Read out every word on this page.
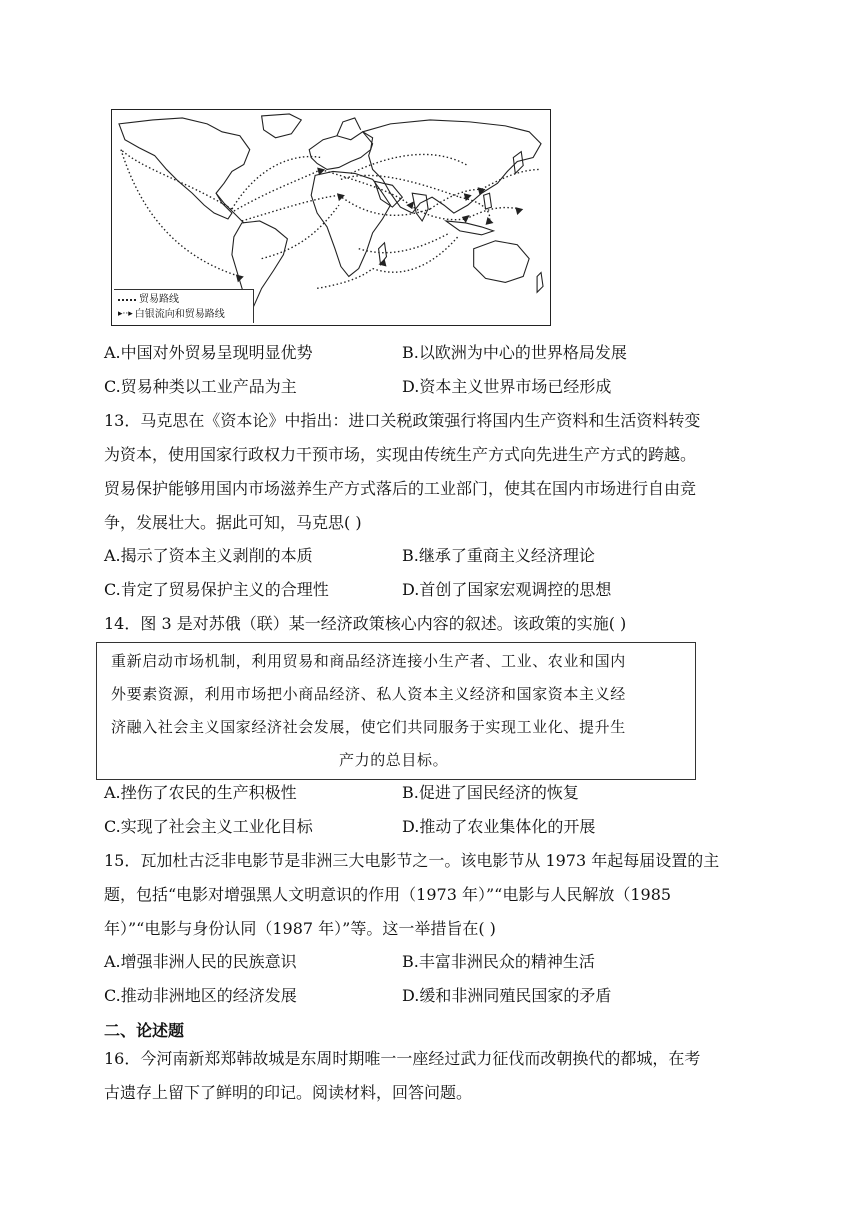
贸易路线
▸··▸ 白银流向和贸易路线
A.中国对外贸易呈现明显优势	B.以欧洲为中心的世界格局发展
C.贸易种类以工业产品为主	D.资本主义世界市场已经形成
13．马克思在《资本论》中指出：进口关税政策强行将国内生产资料和生活资料转变
为资本，使用国家行政权力干预市场，实现由传统生产方式向先进生产方式的跨越。
贸易保护能够用国内市场滋养生产方式落后的工业部门，使其在国内市场进行自由竞
争，发展壮大。据此可知，马克思( )
A.揭示了资本主义剥削的本质	B.继承了重商主义经济理论
C.肯定了贸易保护主义的合理性	D.首创了国家宏观调控的思想
14．图 3 是对苏俄（联）某一经济政策核心内容的叙述。该政策的实施( )
重新启动市场机制，利用贸易和商品经济连接小生产者、工业、农业和国内
外要素资源，利用市场把小商品经济、私人资本主义经济和国家资本主义经
济融入社会主义国家经济社会发展，使它们共同服务于实现工业化、提升生
产力的总目标。
A.挫伤了农民的生产积极性	B.促进了国民经济的恢复
C.实现了社会主义工业化目标	D.推动了农业集体化的开展
15．瓦加杜古泛非电影节是非洲三大电影节之一。该电影节从 1973 年起每届设置的主
题，包括“电影对增强黑人文明意识的作用（1973 年）”“电影与人民解放（1985
年）”“电影与身份认同（1987 年）”等。这一举措旨在( )
A.增强非洲人民的民族意识	B.丰富非洲民众的精神生活
C.推动非洲地区的经济发展	D.缓和非洲同殖民国家的矛盾
二、论述题
16．今河南新郑郑韩故城是东周时期唯一一座经过武力征伐而改朝换代的都城，在考
古遗存上留下了鲜明的印记。阅读材料，回答问题。
